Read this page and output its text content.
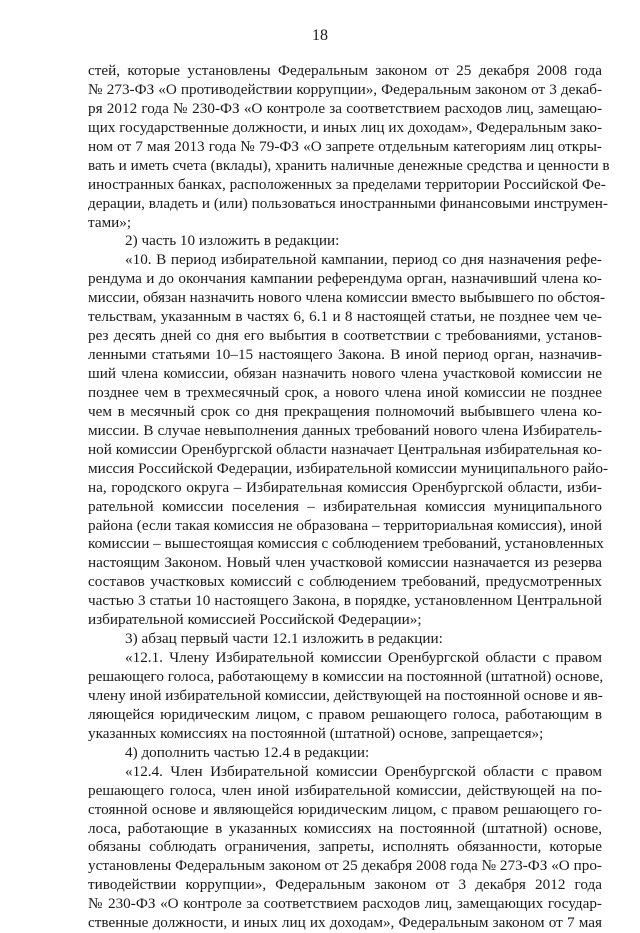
18
стей, которые установлены Федеральным законом от 25 декабря 2008 года
№ 273-ФЗ «О противодействии коррупции», Федеральным законом от 3 декаб-
ря 2012 года № 230-ФЗ «О контроле за соответствием расходов лиц, замещаю-
щих государственные должности, и иных лиц их доходам», Федеральным зако-
ном от 7 мая 2013 года № 79-ФЗ «О запрете отдельным категориям лиц откры-
вать и иметь счета (вклады), хранить наличные денежные средства и ценности в
иностранных банках, расположенных за пределами территории Российской Фе-
дерации, владеть и (или) пользоваться иностранными финансовыми инструмен-
тами»;
2) часть 10 изложить в редакции:
«10. В период избирательной кампании, период со дня назначения рефе-
рендума и до окончания кампании референдума орган, назначивший члена ко-
миссии, обязан назначить нового члена комиссии вместо выбывшего по обстоя-
тельствам, указанным в частях 6, 6.1 и 8 настоящей статьи, не позднее чем че-
рез десять дней со дня его выбытия в соответствии с требованиями, установ-
ленными статьями 10–15 настоящего Закона. В иной период орган, назначив-
ший члена комиссии, обязан назначить нового члена участковой комиссии не
позднее чем в трехмесячный срок, а нового члена иной комиссии не позднее
чем в месячный срок со дня прекращения полномочий выбывшего члена ко-
миссии. В случае невыполнения данных требований нового члена Избиратель-
ной комиссии Оренбургской области назначает Центральная избирательная ко-
миссия Российской Федерации, избирательной комиссии муниципального райо-
на, городского округа – Избирательная комиссия Оренбургской области, изби-
рательной комиссии поселения – избирательная комиссия муниципального
района (если такая комиссия не образована – территориальная комиссия), иной
комиссии – вышестоящая комиссия с соблюдением требований, установленных
настоящим Законом. Новый член участковой комиссии назначается из резерва
составов участковых комиссий с соблюдением требований, предусмотренных
частью 3 статьи 10 настоящего Закона, в порядке, установленном Центральной
избирательной комиссией Российской Федерации»;
3) абзац первый части 12.1 изложить в редакции:
«12.1. Члену Избирательной комиссии Оренбургской области с правом
решающего голоса, работающему в комиссии на постоянной (штатной) основе,
члену иной избирательной комиссии, действующей на постоянной основе и яв-
ляющейся юридическим лицом, с правом решающего голоса, работающим в
указанных комиссиях на постоянной (штатной) основе, запрещается»;
4) дополнить частью 12.4 в редакции:
«12.4. Член Избирательной комиссии Оренбургской области с правом
решающего голоса, член иной избирательной комиссии, действующей на по-
стоянной основе и являющейся юридическим лицом, с правом решающего го-
лоса, работающие в указанных комиссиях на постоянной (штатной) основе,
обязаны соблюдать ограничения, запреты, исполнять обязанности, которые
установлены Федеральным законом от 25 декабря 2008 года № 273-ФЗ «О про-
тиводействии коррупции», Федеральным законом от 3 декабря 2012 года
№ 230-ФЗ «О контроле за соответствием расходов лиц, замещающих государ-
ственные должности, и иных лиц их доходам», Федеральным законом от 7 мая
